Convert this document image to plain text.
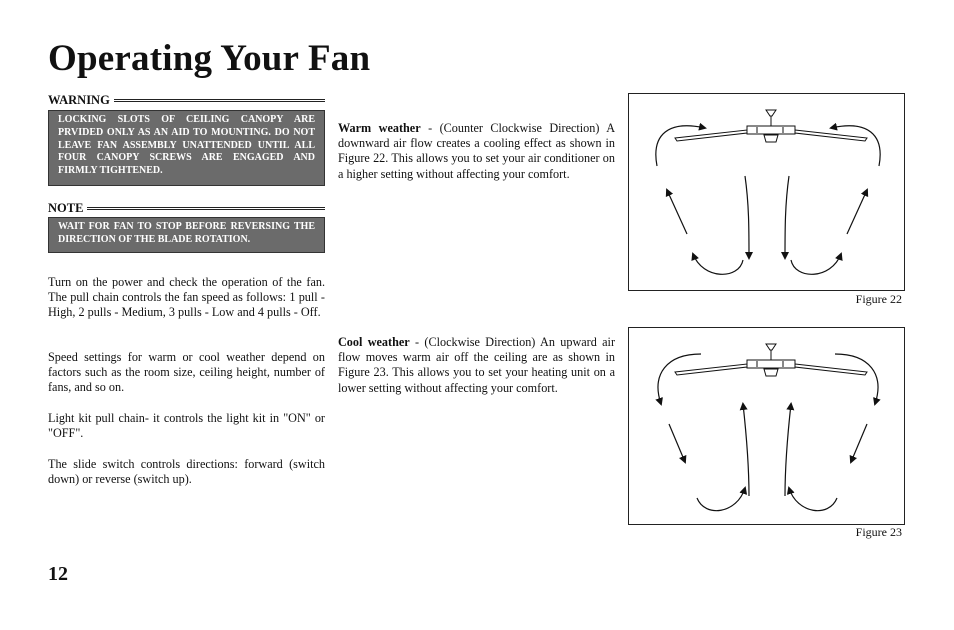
Operating Your Fan
WARNING
LOCKING SLOTS OF CEILING CANOPY ARE PRVIDED ONLY AS AN AID TO MOUNTING. DO NOT LEAVE FAN ASSEMBLY UNATTENDED UNTIL ALL FOUR CANOPY SCREWS ARE ENGAGED AND FIRMLY TIGHTENED.
NOTE
WAIT FOR FAN TO STOP BEFORE REVERSING THE DIRECTION OF THE BLADE ROTATION.

Turn on the power and check the operation of the fan. The pull chain controls the fan speed as follows: 1 pull - High, 2 pulls - Medium, 3 pulls - Low and 4 pulls - Off.

Speed settings for warm or cool weather depend on factors such as the room size, ceiling height, number of fans, and so on.

Light kit pull chain- it controls the light kit in "ON" or "OFF".

The slide switch controls directions: forward (switch down) or reverse (switch up).

Warm weather - (Counter Clockwise Direction) A downward air flow creates a cooling effect as shown in Figure 22. This allows you to set your air conditioner on a higher setting without affecting your comfort.

Cool weather - (Clockwise Direction) An upward air flow moves warm air off the ceiling are as shown in Figure 23. This allows you to set your heating unit on a lower setting without affecting your comfort.

Figure 22
Figure 23
12
